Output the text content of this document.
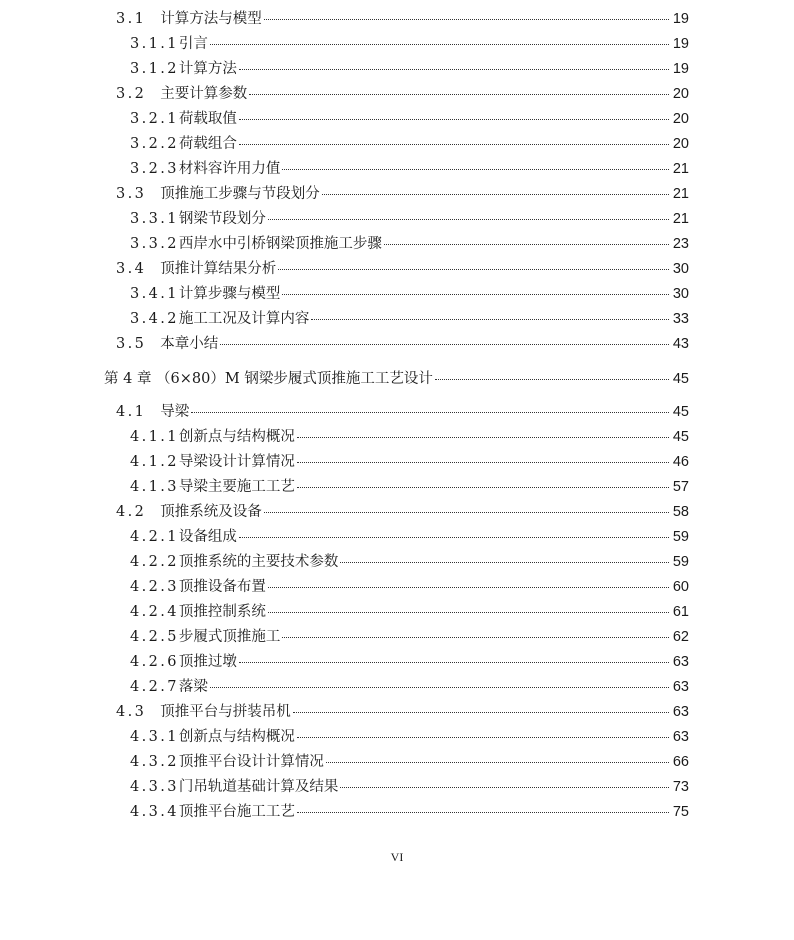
3.1 计算方法与模型	19
3.1.1 引言	19
3.1.2 计算方法	19
3.2 主要计算参数	20
3.2.1 荷载取值	20
3.2.2 荷载组合	20
3.2.3 材料容许用力值	21
3.3 顶推施工步骤与节段划分	21
3.3.1 钢梁节段划分	21
3.3.2 西岸水中引桥钢梁顶推施工步骤	23
3.4 顶推计算结果分析	30
3.4.1 计算步骤与模型	30
3.4.2 施工工况及计算内容	33
3.5 本章小结	43
第 4 章 （6×80）M 钢梁步履式顶推施工工艺设计	45
4.1 导梁	45
4.1.1 创新点与结构概况	45
4.1.2 导梁设计计算情况	46
4.1.3 导梁主要施工工艺	57
4.2 顶推系统及设备	58
4.2.1 设备组成	59
4.2.2 顶推系统的主要技术参数	59
4.2.3 顶推设备布置	60
4.2.4 顶推控制系统	61
4.2.5 步履式顶推施工	62
4.2.6 顶推过墩	63
4.2.7 落梁	63
4.3 顶推平台与拼装吊机	63
4.3.1 创新点与结构概况	63
4.3.2 顶推平台设计计算情况	66
4.3.3 门吊轨道基础计算及结果	73
4.3.4 顶推平台施工工艺	75
VI
